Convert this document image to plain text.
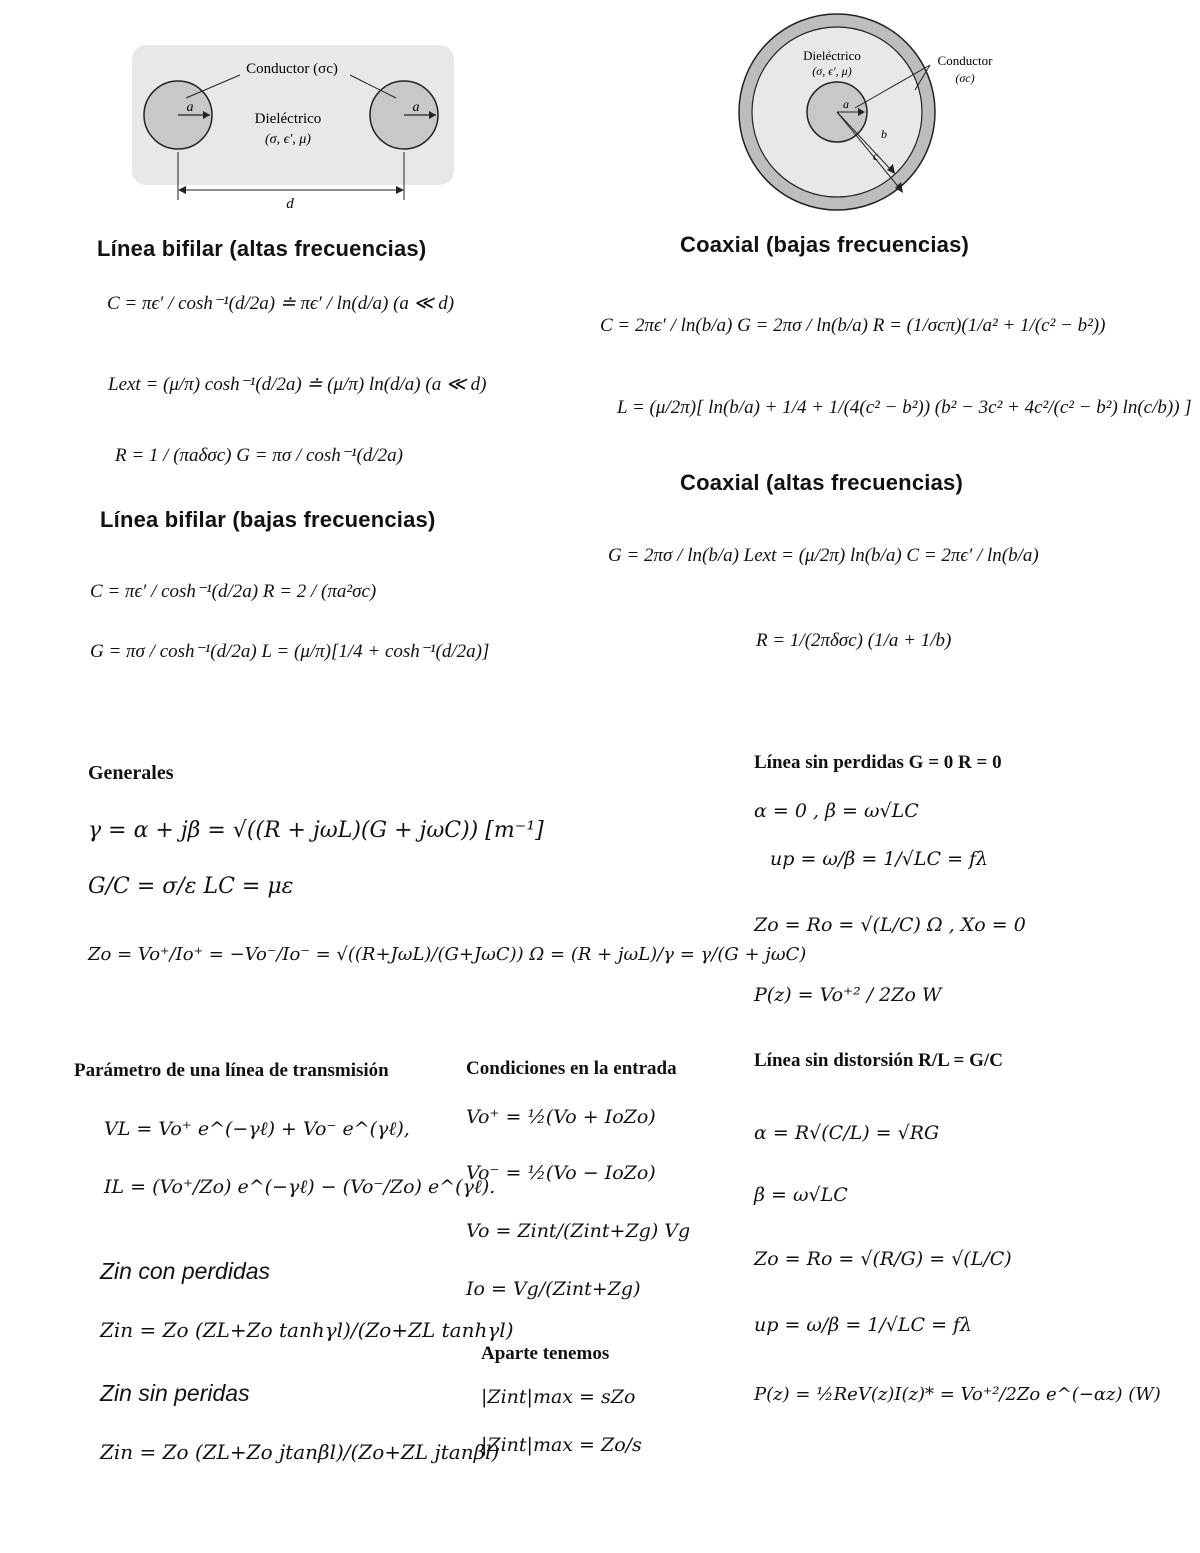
Conductor (σc)
a	a
Dieléctrico
(σ, ϵ′, μ)
d
Dieléctrico
(σ, ϵ′, μ)
Conductor
(σc)
a
b
c
Línea bifilar (altas frecuencias)
C = πϵ′ / cosh⁻¹(d/2a) ≐ πϵ′ / ln(d/a) (a ≪ d)
Lext = (μ/π) cosh⁻¹(d/2a) ≐ (μ/π) ln(d/a) (a ≪ d)
R = 1 / (πaδσc) G = πσ / cosh⁻¹(d/2a)
Línea bifilar (bajas frecuencias)
C = πϵ′ / cosh⁻¹(d/2a) R = 2 / (πa²σc)
G = πσ / cosh⁻¹(d/2a) L = (μ/π)[1/4 + cosh⁻¹(d/2a)]
Coaxial (bajas frecuencias)
C = 2πϵ′ / ln(b/a) G = 2πσ / ln(b/a) R = (1/σcπ)(1/a² + 1/(c² − b²))
L = (μ/2π)[ ln(b/a) + 1/4 + 1/(4(c² − b²)) (b² − 3c² + 4c²/(c² − b²) ln(c/b)) ]
Coaxial (altas frecuencias)
G = 2πσ / ln(b/a) Lext = (μ/2π) ln(b/a) C = 2πϵ′ / ln(b/a)
R = 1/(2πδσc) (1/a + 1/b)
Generales
γ = α + jβ = √((R + jωL)(G + jωC)) [m⁻¹]
G/C = σ/ε LC = με
Zo = Vo⁺/Io⁺ = −Vo⁻/Io⁻ = √((R+JωL)/(G+JωC)) Ω = (R + jωL)/γ = γ/(G + jωC)
Línea sin perdidas G = 0 R = 0
α = 0 , β = ω√LC
up = ω/β = 1/√LC = fλ
Zo = Ro = √(L/C) Ω , Xo = 0
P(z) = Vo⁺² / 2Zo W
Parámetro de una línea de transmisión
VL = Vo⁺ e^(−γℓ) + Vo⁻ e^(γℓ),
IL = (Vo⁺/Zo) e^(−γℓ) − (Vo⁻/Zo) e^(γℓ).
Zin con perdidas
Zin = Zo (ZL+Zo tanhγl)/(Zo+ZL tanhγl)
Zin sin peridas
Zin = Zo (ZL+Zo jtanβl)/(Zo+ZL jtanβl)
Condiciones en la entrada
Vo⁺ = ½(Vo + IoZo)
Vo⁻ = ½(Vo − IoZo)
Vo = Zint/(Zint+Zg) Vg
Io = Vg/(Zint+Zg)
Aparte tenemos
|Zint|max = sZo
|Zint|max = Zo/s
Línea sin distorsión R/L = G/C
α = R√(C/L) = √RG
β = ω√LC
Zo = Ro = √(R/G) = √(L/C)
up = ω/β = 1/√LC = fλ
P(z) = ½ReV(z)I(z)* = Vo⁺²/2Zo e^(−αz) (W)
